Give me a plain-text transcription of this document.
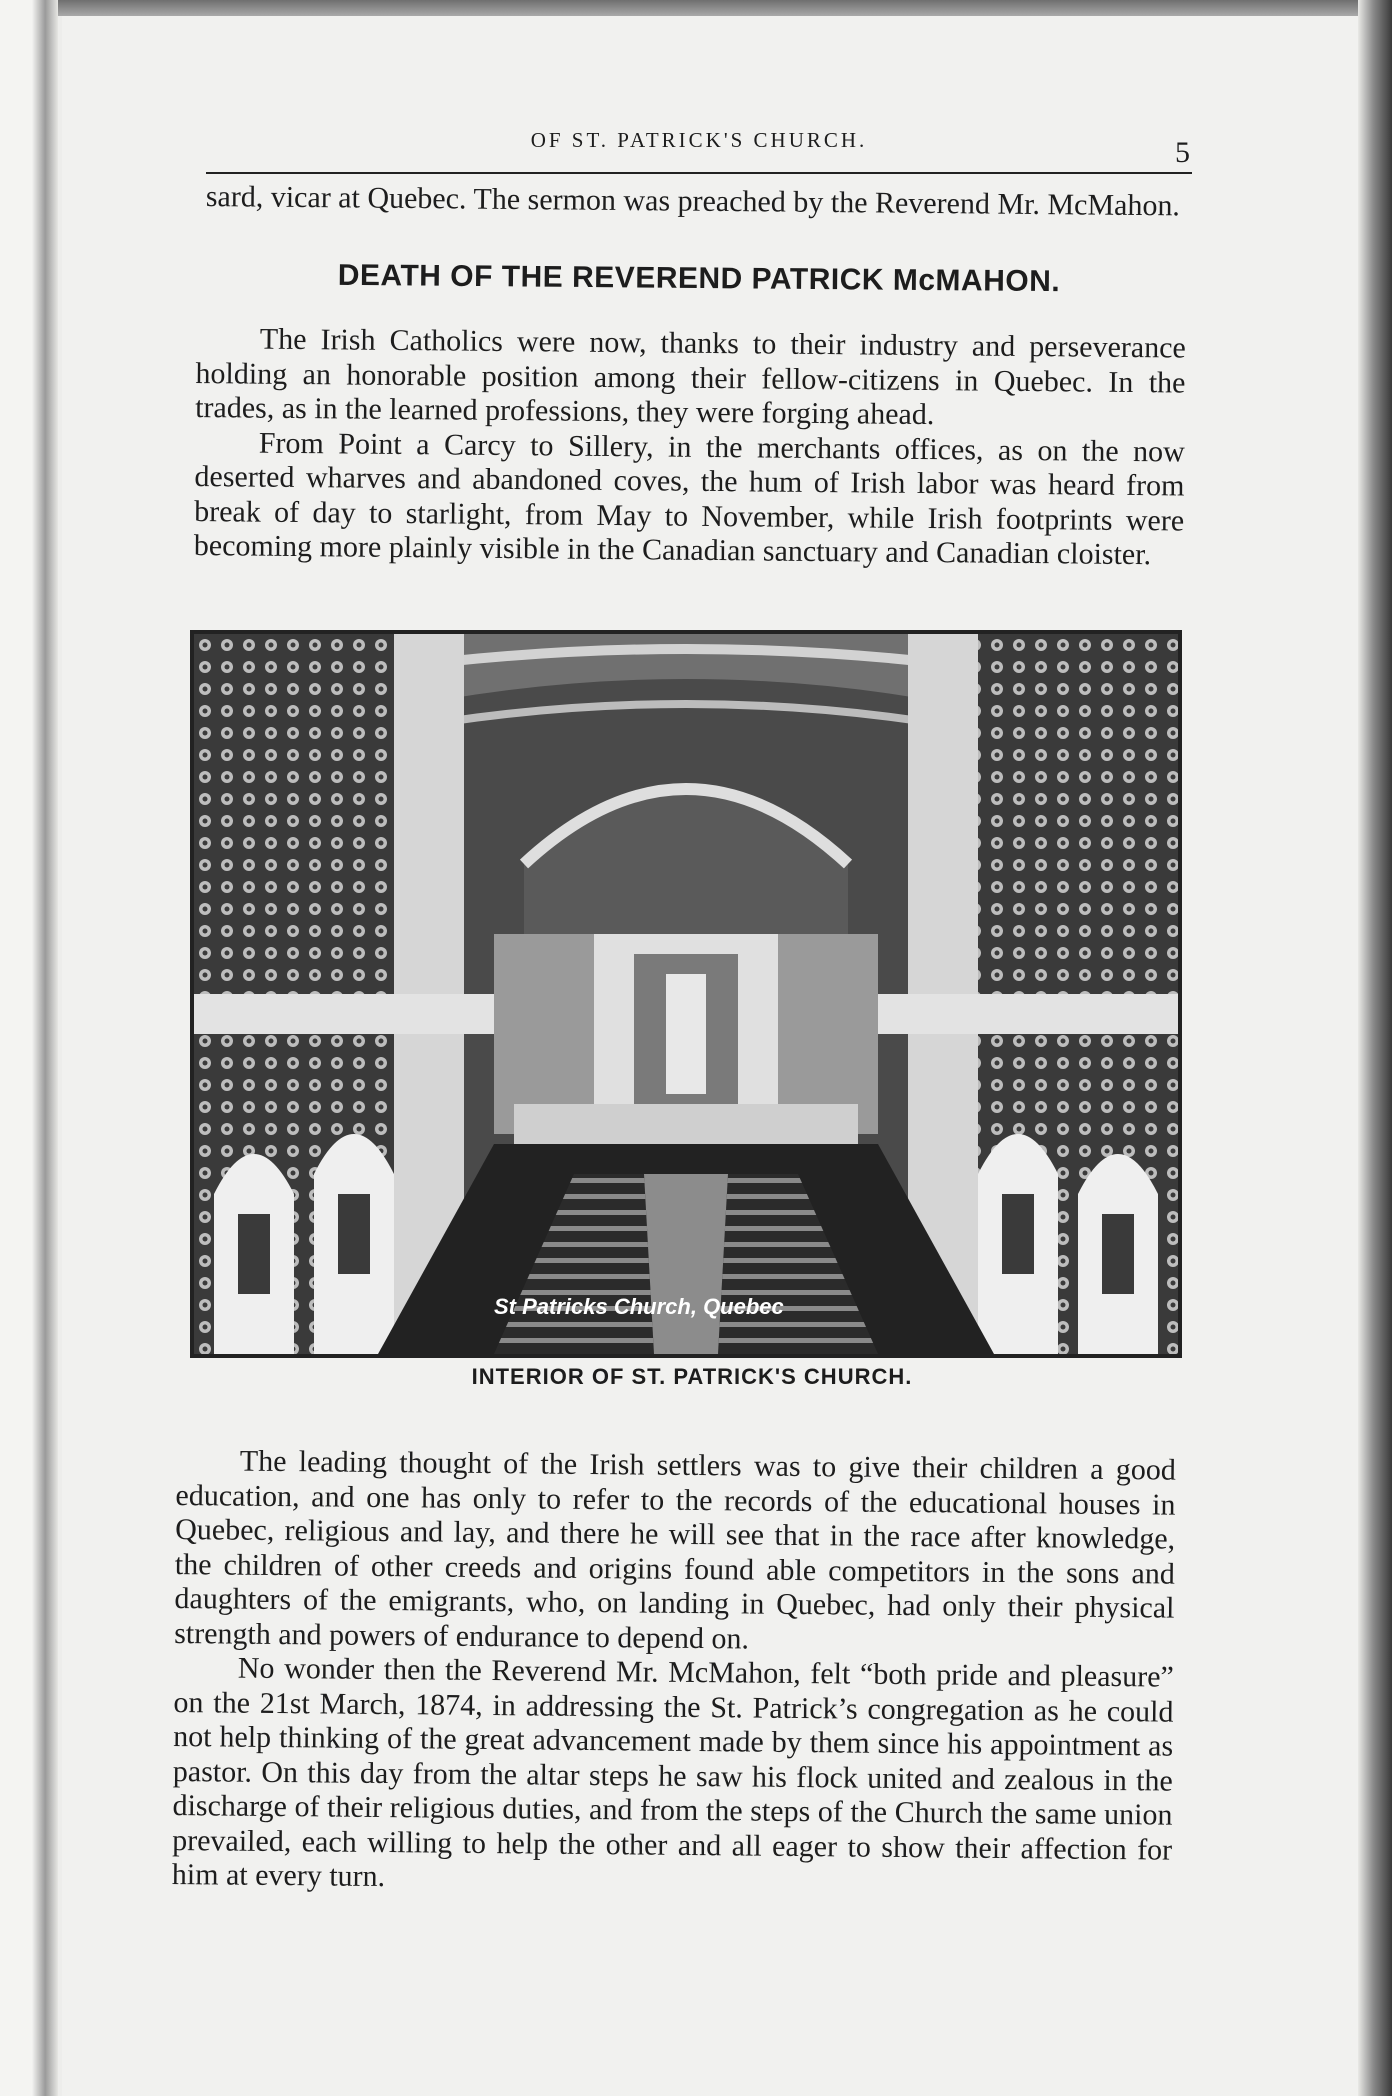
OF ST. PATRICK'S CHURCH.	5

sard, vicar at Quebec. The sermon was preached by the Reverend Mr. McMahon.

DEATH OF THE REVEREND PATRICK McMAHON.

The Irish Catholics were now, thanks to their industry and perseverance holding an honorable position among their fellow-citizens in Quebec. In the trades, as in the learned professions, they were forging ahead.

From Point a Carcy to Sillery, in the merchants offices, as on the now deserted wharves and abandoned coves, the hum of Irish labor was heard from break of day to starlight, from May to November, while Irish footprints were becoming more plainly visible in the Canadian sanctuary and Canadian cloister.

St Patricks Church, Quebec
INTERIOR OF ST. PATRICK'S CHURCH.

The leading thought of the Irish settlers was to give their children a good education, and one has only to refer to the records of the educational houses in Quebec, religious and lay, and there he will see that in the race after knowledge, the children of other creeds and origins found able competitors in the sons and daughters of the emigrants, who, on landing in Quebec, had only their physical strength and powers of endurance to depend on.

No wonder then the Reverend Mr. McMahon, felt “both pride and pleasure” on the 21st March, 1874, in addressing the St. Patrick’s congregation as he could not help thinking of the great advancement made by them since his appointment as pastor. On this day from the altar steps he saw his flock united and zealous in the discharge of their religious duties, and from the steps of the Church the same union prevailed, each willing to help the other and all eager to show their affection for him at every turn.
